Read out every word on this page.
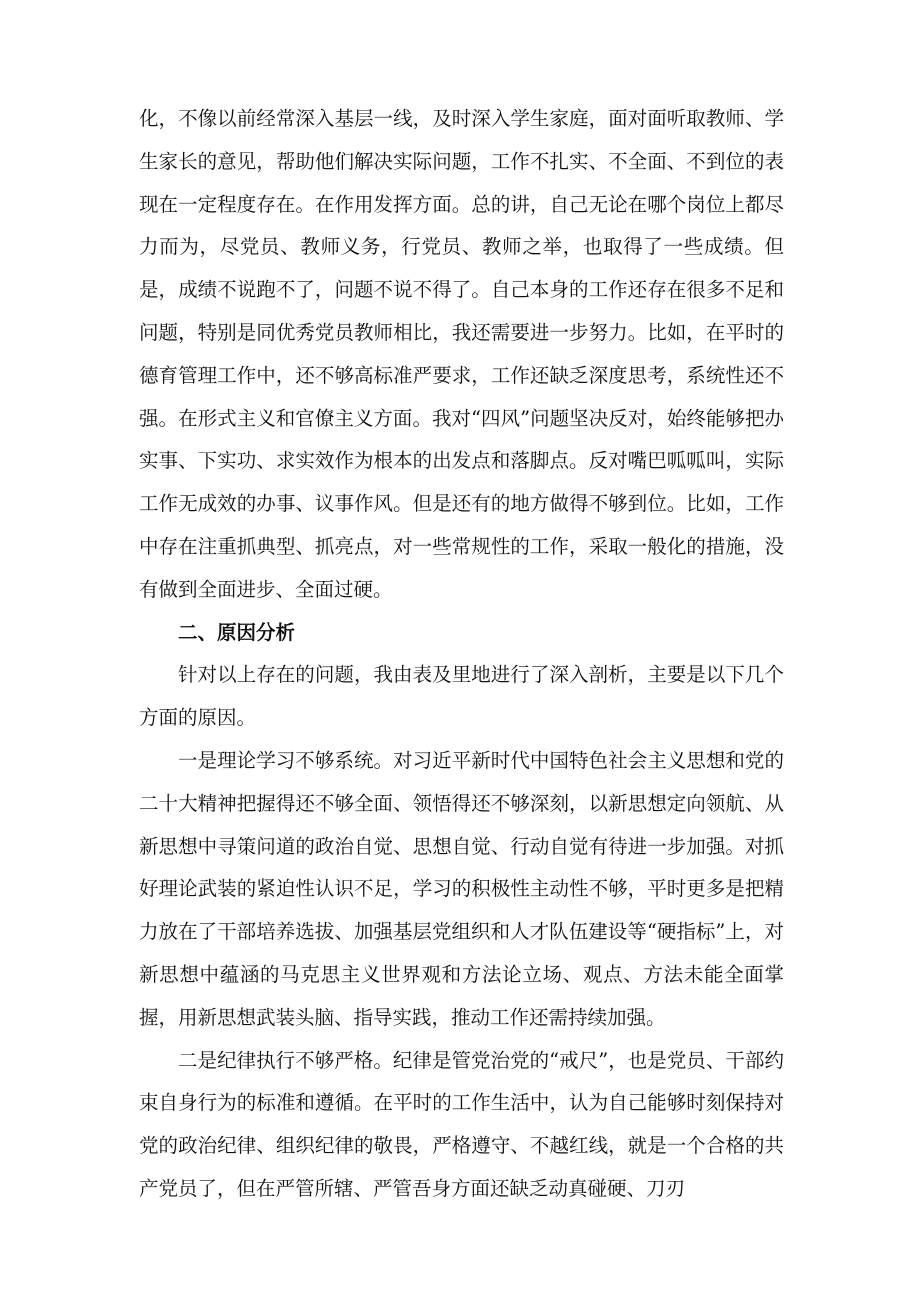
化，不像以前经常深入基层一线，及时深入学生家庭，面对面听取教师、学生家长的意见，帮助他们解决实际问题，工作不扎实、不全面、不到位的表现在一定程度存在。在作用发挥方面。总的讲，自己无论在哪个岗位上都尽力而为，尽党员、教师义务，行党员、教师之举，也取得了一些成绩。但是，成绩不说跑不了，问题不说不得了。自己本身的工作还存在很多不足和问题，特别是同优秀党员教师相比，我还需要进一步努力。比如，在平时的德育管理工作中，还不够高标准严要求，工作还缺乏深度思考，系统性还不强。在形式主义和官僚主义方面。我对“四风”问题坚决反对，始终能够把办实事、下实功、求实效作为根本的出发点和落脚点。反对嘴巴呱呱叫，实际工作无成效的办事、议事作风。但是还有的地方做得不够到位。比如，工作中存在注重抓典型、抓亮点，对一些常规性的工作，采取一般化的措施，没有做到全面进步、全面过硬。

二、原因分析

针对以上存在的问题，我由表及里地进行了深入剖析，主要是以下几个方面的原因。

一是理论学习不够系统。对习近平新时代中国特色社会主义思想和党的二十大精神把握得还不够全面、领悟得还不够深刻，以新思想定向领航、从新思想中寻策问道的政治自觉、思想自觉、行动自觉有待进一步加强。对抓好理论武装的紧迫性认识不足，学习的积极性主动性不够，平时更多是把精力放在了干部培养选拔、加强基层党组织和人才队伍建设等“硬指标”上，对新思想中蕴涵的马克思主义世界观和方法论立场、观点、方法未能全面掌握，用新思想武装头脑、指导实践，推动工作还需持续加强。

二是纪律执行不够严格。纪律是管党治党的“戒尺”，也是党员、干部约束自身行为的标准和遵循。在平时的工作生活中，认为自己能够时刻保持对党的政治纪律、组织纪律的敬畏，严格遵守、不越红线，就是一个合格的共产党员了，但在严管所辖、严管吾身方面还缺乏动真碰硬、刀刃
